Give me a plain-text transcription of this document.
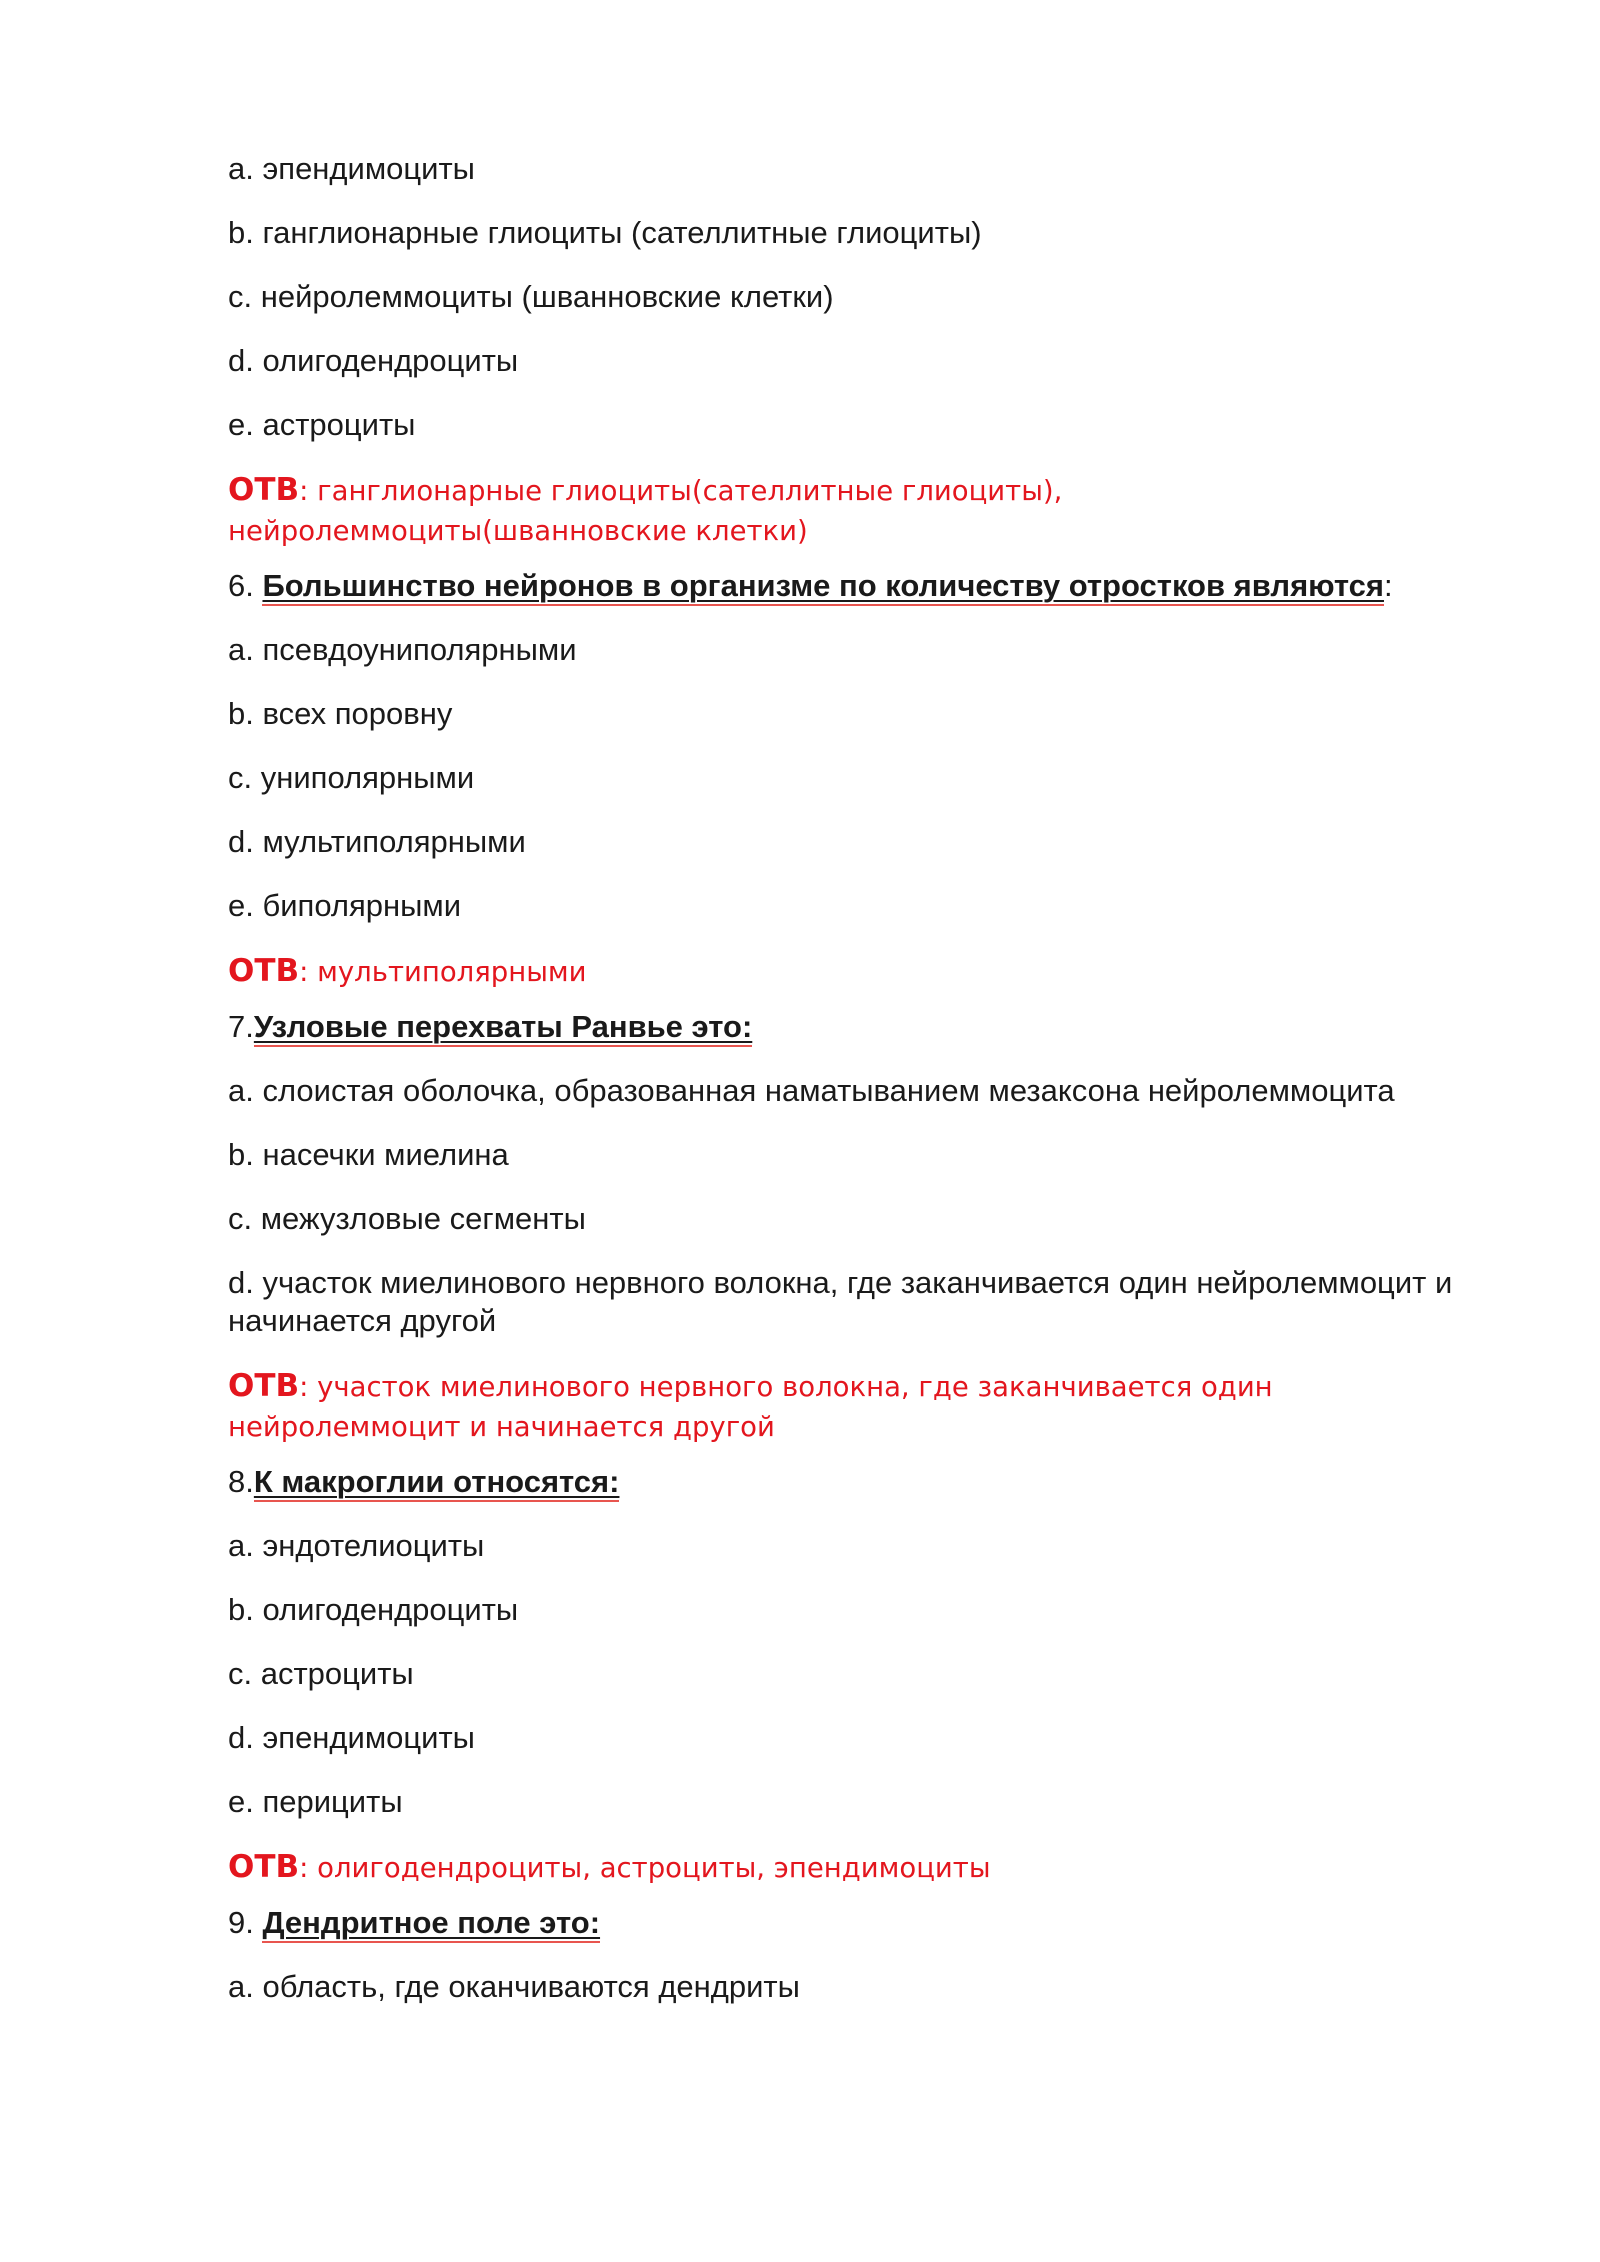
a. эпендимоциты
b. ганглионарные глиоциты (сателлитные глиоциты)
c. нейролеммоциты (шванновские клетки)
d. олигодендроциты
e. астроциты
ОТВ: ганглионарные глиоциты(сателлитные глиоциты), нейролеммоциты(шванновские клетки)
6. Большинство нейронов в организме по количеству отростков являются:
a. псевдоуниполярными
b. всех поровну
c. униполярными
d. мультиполярными
e. биполярными
ОТВ: мультиполярными
7.Узловые перехваты Ранвье это:
a. слоистая оболочка, образованная наматыванием мезаксона нейролеммоцита
b. насечки миелина
c. межузловые сегменты
d. участок миелинового нервного волокна, где заканчивается один нейролеммоцит и начинается другой
ОТВ: участок миелинового нервного волокна, где заканчивается один нейролеммоцит и начинается другой
8.К макроглии относятся:
a. эндотелиоциты
b. олигодендроциты
c. астроциты
d. эпендимоциты
e. перициты
ОТВ: олигодендроциты, астроциты, эпендимоциты
9. Дендритное поле это:
a. область, где оканчиваются дендриты
